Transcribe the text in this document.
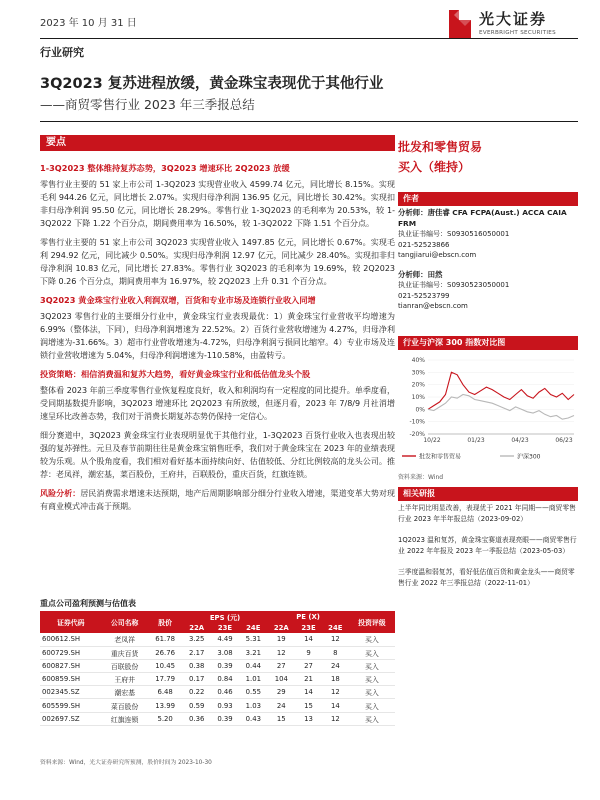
2023 年 10 月 31 日	光大证券
EVERBRIGHT SECURITIES
行业研究
3Q2023 复苏进程放缓，黄金珠宝表现优于其他行业
——商贸零售行业 2023 年三季报总结
要点
1-3Q2023 整体维持复苏态势，3Q2023 增速环比 2Q2023 放缓

零售行业主要的 51 家上市公司 1-3Q2023 实现营业收入 4599.74 亿元，同比增长 8.15%。实现毛利 944.26 亿元，同比增长 2.07%。实现归母净利润 136.95 亿元，同比增长 30.42%。实现扣非归母净利润 95.50 亿元，同比增长 28.29%。零售行业 1-3Q2023 的毛利率为 20.53%，较 1-3Q2022 下降 1.22 个百分点，期间费用率为 16.50%，较 1-3Q2022 下降 1.51 个百分点。

零售行业主要的 51 家上市公司 3Q2023 实现营业收入 1497.85 亿元，同比增长 0.67%。实现毛利 294.92 亿元，同比减少 0.50%。实现归母净利润 12.97 亿元，同比减少 28.40%。实现扣非归母净利润 10.83 亿元，同比增长 27.83%。零售行业 3Q2023 的毛利率为 19.69%，较 2Q2023 下降 0.26 个百分点，期间费用率为 16.97%，较 2Q2023 上升 0.31 个百分点。

3Q2023 黄金珠宝行业收入利润双增，百货和专业市场及连锁行业收入同增

3Q2023 零售行业的主要细分行业中，黄金珠宝行业表现最优：1）黄金珠宝行业营收平均增速为 6.99%（整体法，下同），归母净利润增速为 22.52%。2）百货行业营收增速为 4.27%，归母净利润增速为-31.66%。3）超市行业营收增速为-4.72%，归母净利润亏损同比缩窄。4）专业市场及连锁行业营收增速为 5.04%，归母净利润增速为-110.58%，由盈转亏。

投资策略：相信消费温和复苏大趋势，看好黄金珠宝行业和低估值龙头个股

整体看 2023 年前三季度零售行业恢复程度良好，收入和利润均有一定程度的同比提升。单季度看，受同期基数提升影响，3Q2023 增速环比 2Q2023 有所放缓，但逐月看，2023 年 7/8/9 月社消增速呈环比改善态势，我们对于消费长期复苏态势仍保持一定信心。

细分赛道中，3Q2023 黄金珠宝行业表现明显优于其他行业，1-3Q2023 百货行业收入也表现出较强的复苏弹性。元旦及春节前期往往是黄金珠宝销售旺季，我们对于黄金珠宝在 2023 年的业绩表现较为乐观。从个股角度看，我们相对看好基本面持续向好、估值较低、分红比例较高的龙头公司。推荐：老凤祥，潮宏基，菜百股份，王府井，百联股份，重庆百货，红旗连锁。

风险分析：居民消费需求增速未达预期，地产后周期影响部分细分行业收入增速，渠道变革大势对现有商业模式冲击高于预期。

批发和零售贸易
买入（维持）
作者
分析师：唐佳睿 CFA FCPA(Aust.) ACCA CAIA FRM
执业证书编号：S0930516050001
021-52523866
tangjiarui@ebscn.com
分析师：田然
执业证书编号：S0930523050001
021-52523799
tianran@ebscn.com
行业与沪深 300 指数对比图
40%
30%
20%
10%
0%
-10%
-20%
10/22	01/23	04/23	06/23
批发和零售贸易	沪深300
资料来源：Wind
相关研报
上半年同比明显改善，表现优于 2021 年同期——商贸零售行业 2023 年半年报总结（2023-09-02）
1Q2023 温和复苏，黄金珠宝赛道表现亮眼——商贸零售行业 2022 年年报及 2023 年一季报总结（2023-05-03）
三季度温和弱复苏，看好低估值百货和黄金龙头——商贸零售行业 2022 年三季报总结（2022-11-01）
重点公司盈利预测与估值表
证券代码	公司名称	股价	EPS (元)			PE (X)			投资评级
			22A	23E	24E	22A	23E	24E	
600612.SH	老凤祥	61.78	3.25	4.49	5.31	19	14	12	买入
600729.SH	重庆百货	26.76	2.17	3.08	3.21	12	9	8	买入
600827.SH	百联股份	10.45	0.38	0.39	0.44	27	27	24	买入
600859.SH	王府井	17.79	0.17	0.84	1.01	104	21	18	买入
002345.SZ	潮宏基	6.48	0.22	0.46	0.55	29	14	12	买入
605599.SH	菜百股份	13.99	0.59	0.93	1.03	24	15	14	买入
002697.SZ	红旗连锁	5.20	0.36	0.39	0.43	15	13	12	买入
资料来源：Wind，光大证券研究所预测，股价时间为 2023-10-30
